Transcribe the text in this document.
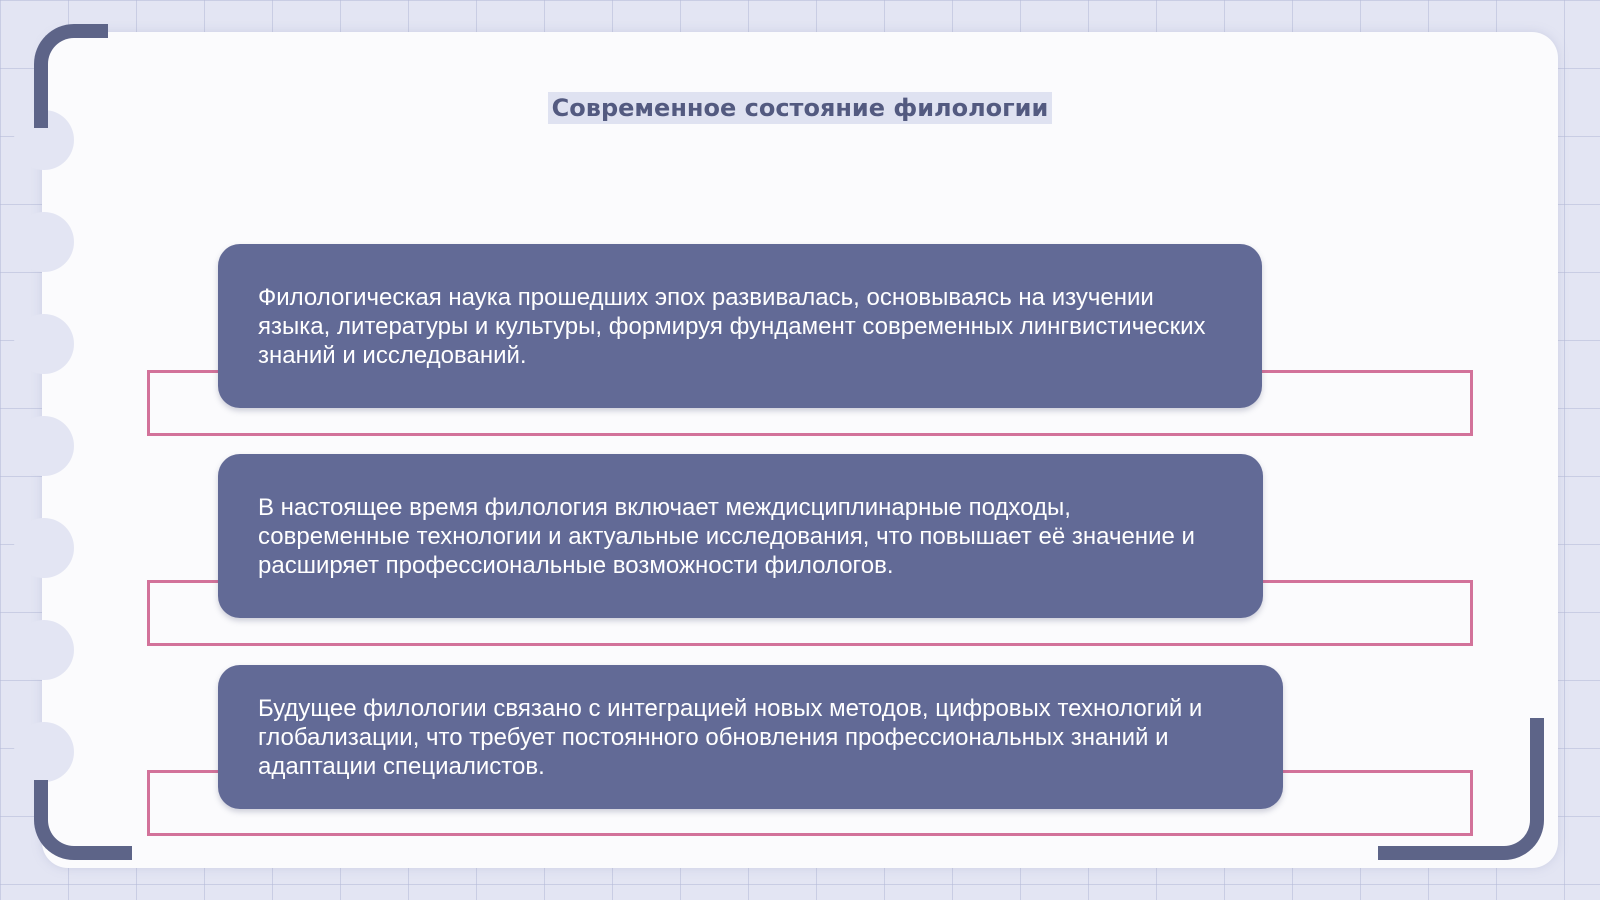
Современное состояние филологии

Филологическая наука прошедших эпох развивалась, основываясь на изучении языка, литературы и культуры, формируя фундамент современных лингвистических знаний и исследований.

В настоящее время филология включает междисциплинарные подходы, современные технологии и актуальные исследования, что повышает её значение и расширяет профессиональные возможности филологов.

Будущее филологии связано с интеграцией новых методов, цифровых технологий и глобализации, что требует постоянного обновления профессиональных знаний и адаптации специалистов.
